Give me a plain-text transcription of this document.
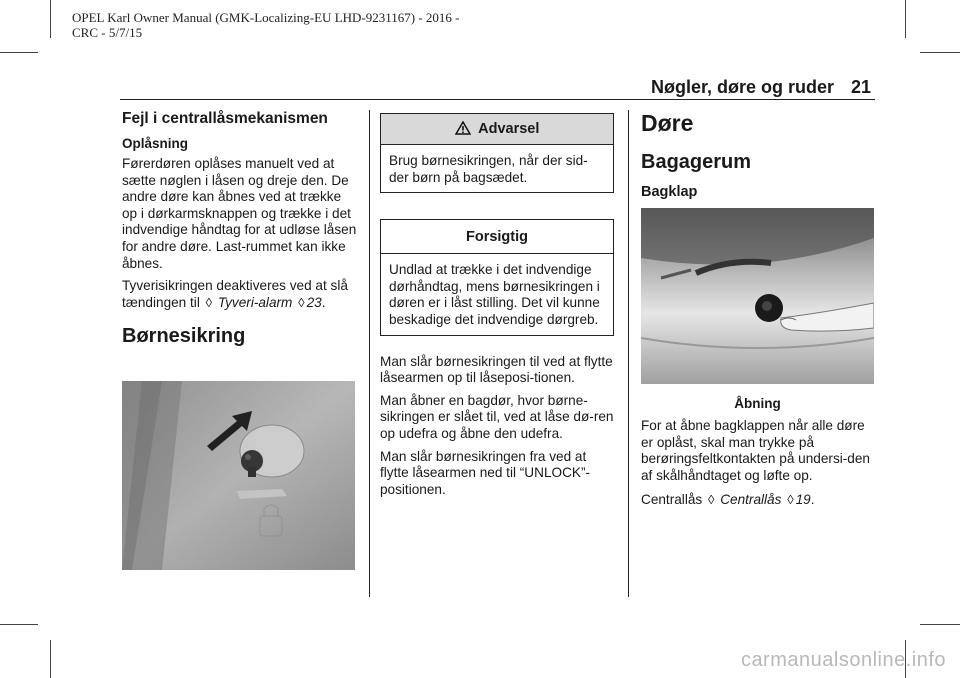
OPEL Karl Owner Manual (GMK-Localizing-EU LHD-9231167) - 2016 -
CRC - 5/7/15
Nøgler, døre og ruder 21
Fejl i centrallåsmekanismen
Oplåsning

Førerdøren oplåses manuelt ved at sætte nøglen i låsen og dreje den. De andre døre kan åbnes ved at trække op i dørkarmsknappen og trække i det indvendige håndtag for at udløse låsen for andre døre. Last-rummet kan ikke åbnes.

Tyverisikringen deaktiveres ved at slå tændingen til ◊ Tyveri-alarm ◊ 23.

Børnesikring
Advarsel

Brug børnesikringen, når der sid-der børn på bagsædet.

Forsigtig

Undlad at trække i det indvendige dørhåndtag, mens børnesikringen i døren er i låst stilling. Det vil kunne beskadige det indvendige dørgreb.

Man slår børnesikringen til ved at flytte låsearmen op til låseposi-tionen.

Man åbner en bagdør, hvor børne-sikringen er slået til, ved at låse dø-ren op udefra og åbne den udefra.

Man slår børnesikringen fra ved at flytte låsearmen ned til “UNLOCK”-positionen.

Døre
Bagagerum
Bagklap
Åbning

For at åbne bagklappen når alle døre er oplåst, skal man trykke på berøringsfeltkontakten på undersi-den af skålhåndtaget og løfte op.

Centrallås ◊ Centrallås ◊ 19.

carmanualsonline.info
